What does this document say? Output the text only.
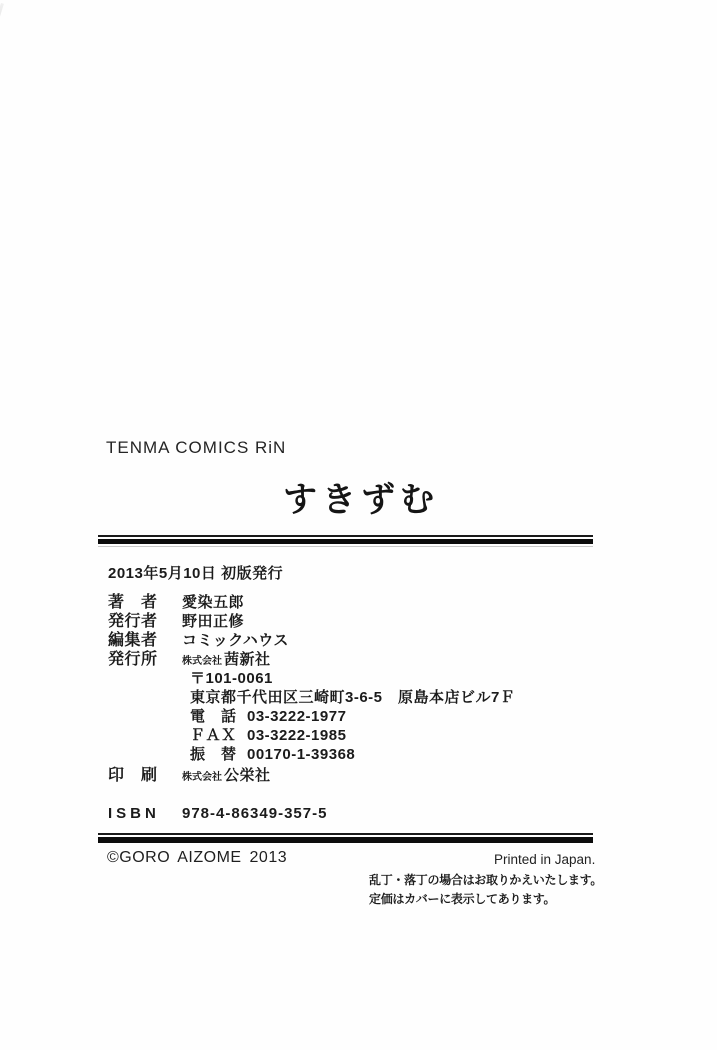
TENMA COMICS RiN
すきずむ
2013年5月10日 初版発行
著　者 愛染五郎
発行者 野田正修
編集者 コミックハウス
発行所 株式会社 茜新社
〒101-0061
東京都千代田区三崎町3-6-5　原島本店ビル7Ｆ
電　話 03-3222-1977
ＦＡＸ 03-3222-1985
振　替 00170-1-39368
印　刷 株式会社 公栄社
ISBN 978-4-86349-357-5
©GORO AIZOME 2013	Printed in Japan.
乱丁・落丁の場合はお取りかえいたします。
定価はカバーに表示してあります。
